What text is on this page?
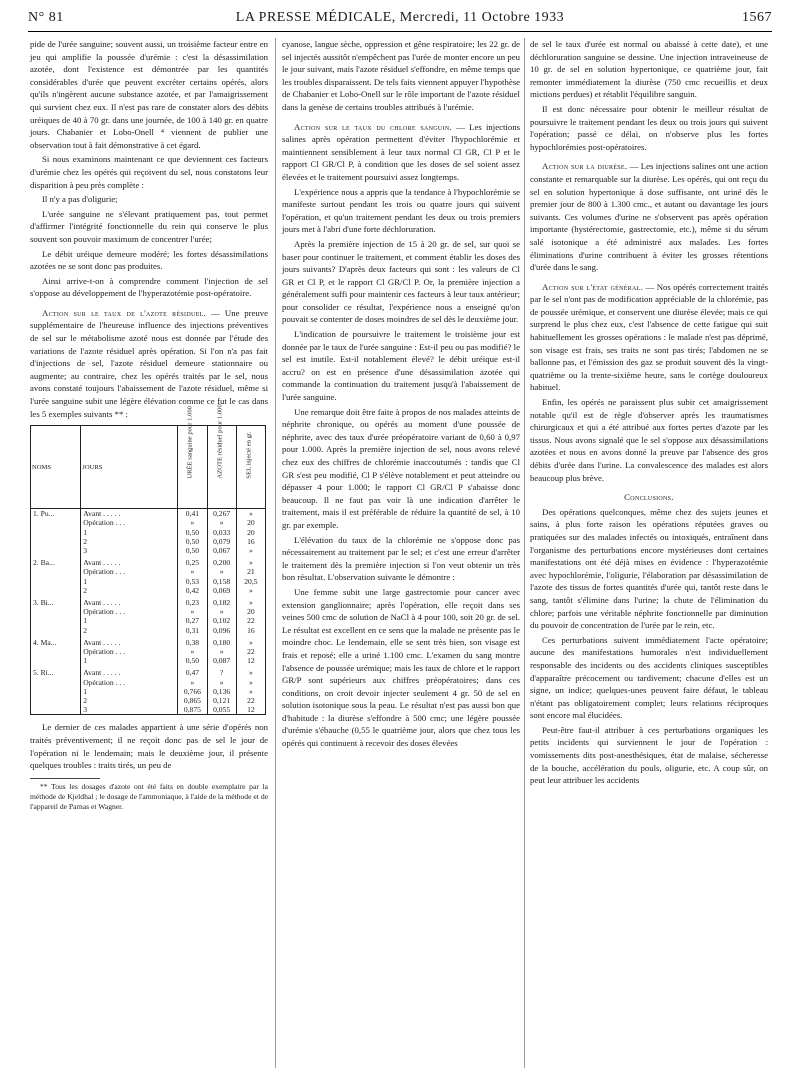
N° 81	LA PRESSE MÉDICALE, Mercredi, 11 Octobre 1933	1567

pide de l'urée sanguine; souvent aussi, un troisième facteur entre en jeu qui amplifie la poussée d'urémie : c'est la désassimilation azotée, dont l'existence est démontrée par les quantités considérables d'urée que peuvent excréter certains opérés, alors qu'ils n'ingèrent aucune substance azotée, et par l'amaigrissement qui survient chez eux. Il n'est pas rare de constater alors des débits uréiques de 40 à 70 gr. dans une journée, de 100 à 140 gr. en quatre jours. Chabanier et Lobo-Onell ⁴ viennent de publier une observation tout à fait démonstrative à cet égard.

Si nous examinons maintenant ce que deviennent ces facteurs d'urémie chez les opérés qui reçoivent du sel, nous constatons leur disparition à peu près complète :

Il n'y a pas d'oligurie;

L'urée sanguine ne s'élevant pratiquement pas, tout permet d'affirmer l'intégrité fonctionnelle du rein qui conserve le plus souvent son pouvoir maximum de concentrer l'urée;

Le débit uréique demeure modéré; les fortes désassimilations azotées ne se sont donc pas produites.

Ainsi arrive-t-on à comprendre comment l'injection de sel s'oppose au développement de l'hyperazotémie post-opératoire.

Action sur le taux de l'azote résiduel. — Une preuve supplémentaire de l'heureuse influence des injections préventives de sel sur le métabolisme azoté nous est donnée par l'étude des variations de l'azote résiduel après opération. Si l'on n'a pas fait d'injections de sel, l'azote résiduel demeure stationnaire ou augmente; au contraire, chez les opérés traités par le sel, nous avons constaté toujours l'abaissement de l'azote résiduel, même si l'urée sanguine subit une légère élévation comme ce fut le cas dans les 5 exemples suivants ** :

NOMS	JOURS	URÉE sanguine pour 1.000	AZOTE résiduel pour 1.000	SEL injecté en gr.

1. Pu...	Avant . . . . .	0,41	0,267	»
	Opération . . .	»	»	20
	1	0,50	0,033	20
	2	0,50	0,079	16
	3	0,50	0,067	»
2. Ba...	Avant . . . . .	0,25	0,200	»
	Opération . . .	»	»	21
	1	0,53	0,158	20,5
	2	0,42	0,069	»
3. Bi...	Avant . . . . .	0,23	0,182	»
	Opération . . .	»	»	20
	1	0,27	0,102	22
	2	0,31	0,096	16
4. Ma...	Avant . . . . .	0,38	0,180	»
	Opération . . .	»	»	22
	1	0,50	0,087	12
5. Ri...	Avant . . . . .	0,47	?	»
	Opération . . .	»	»	»
	1	0,766	0,136	»
	2	0,865	0,121	22
	3	0,875	0,055	12

Le dernier de ces malades appartient à une série d'opérés non traités préventivement; il ne reçoit donc pas de sel le jour de l'opération ni le lendemain; mais le deuxième jour, il présente quelques troubles : traits tirés, un peu de

** Tous les dosages d'azote ont été faits en double exemplaire par la méthode de Kjeldhal ; le dosage de l'ammoniaque, à l'aide de la méthode et de l'appareil de Parnas et Wagner.

cyanose, langue sèche, oppression et gêne respiratoire; les 22 gr. de sel injectés aussitôt n'empêchent pas l'urée de monter encore un peu le jour suivant, mais l'azote résiduel s'effondre, en même temps que les troubles disparaissent. De tels faits viennent appuyer l'hypothèse de Chabanier et Lobo-Onell sur le rôle important de l'azote résiduel dans la genèse de certains troubles attribués à l'urémie.

Action sur le taux du chlore sanguin. — Les injections salines après opération permettent d'éviter l'hypochlorémie et maintiennent sensiblement à leur taux normal Cl GR, Cl P et le rapport Cl GR/Cl P, à condition que les doses de sel soient assez élevées et le traitement poursuivi assez longtemps.

L'expérience nous a appris que la tendance à l'hypochlorémie se manifeste surtout pendant les trois ou quatre jours qui suivent l'opération, et qu'un traitement pendant les deux ou trois premiers jours met à l'abri d'une forte déchloruration.

Après la première injection de 15 à 20 gr. de sel, sur quoi se baser pour continuer le traitement, et comment établir les doses des jours suivants? D'après deux facteurs qui sont : les valeurs de Cl GR et Cl P, et le rapport Cl GR/Cl P. Or, la première injection a généralement suffi pour maintenir ces facteurs à leur taux antérieur; pour consolider ce résultat, l'expérience nous a enseigné qu'on pouvait se contenter de doses moindres de sel dès le deuxième jour.

L'indication de poursuivre le traitement le troisième jour est donnée par le taux de l'urée sanguine : Est-il peu ou pas modifié? le sel est inutile. Est-il notablement élevé? le débit uréique est-il accru? on est en présence d'une désassimilation azotée qui commande la continuation du traitement jusqu'à l'abaissement de l'urée sanguine.

Une remarque doit être faite à propos de nos malades atteints de néphrite chronique, ou opérés au moment d'une poussée de néphrite, avec des taux d'urée préopératoire variant de 0,60 à 0,97 pour 1.000. Après la première injection de sel, nous avons relevé chez eux des chiffres de chlorémie inaccoutumés : tandis que Cl GR s'est peu modifié, Cl P s'élève notablement et peut atteindre ou dépasser 4 pour 1.000; le rapport Cl GR/Cl P s'abaisse donc beaucoup. Il ne faut pas voir là une indication d'arrêter le traitement, mais il est préférable de réduire la quantité de sel, à 10 gr. par exemple.

L'élévation du taux de la chlorémie ne s'oppose donc pas nécessairement au traitement par le sel; et c'est une erreur d'arrêter le traitement dès la première injection si l'on veut obtenir un très bon résultat. L'observation suivante le démontre :

Une femme subit une large gastrectomie pour cancer avec extension ganglionnaire; après l'opération, elle reçoit dans ses veines 500 cmc de solution de NaCl à 4 pour 100, soit 20 gr. de sel. Le résultat est excellent en ce sens que la malade ne présente pas le moindre choc. Le lendemain, elle se sent très bien, son visage est frais et reposé; elle a uriné 1.100 cmc. L'examen du sang montre l'absence de poussée urémique; mais les taux de chlore et le rapport GR/P sont supérieurs aux chiffres préopératoires; dans ces conditions, on croit devoir injecter seulement 4 gr. 50 de sel en solution isotonique sous la peau. Le résultat n'est pas aussi bon que d'habitude : la diurèse s'effondre à 500 cmc; une légère poussée d'urémie s'ébauche (0,55 le quatrième jour, alors que chez tous les opérés qui continuent à recevoir des doses élevées

de sel le taux d'urée est normal ou abaissé à cette date), et une déchloruration sanguine se dessine. Une injection intraveineuse de 10 gr. de sel en solution hypertonique, ce quatrième jour, fait remonter immédiatement la diurèse (750 cmc recueillis et deux mictions perdues) et rétablit l'équilibre sanguin.

Il est donc nécessaire pour obtenir le meilleur résultat de poursuivre le traitement pendant les deux ou trois jours qui suivent l'opération; passé ce délai, on n'observe plus les fortes hypochlorémies post-opératoires.

Action sur la diurèse. — Les injections salines ont une action constante et remarquable sur la diurèse. Les opérés, qui ont reçu du sel en solution hypertonique à dose suffisante, ont uriné dès le premier jour de 800 à 1.300 cmc., et autant ou davantage les jours suivants. Ces volumes d'urine ne s'observent pas après opération importante (hystérectomie, gastrectomie, etc.), même si du sérum salé isotonique a été administré aux malades. Les fortes éliminations d'urine contribuent à éviter les grosses rétentions d'urée dans le sang.

Action sur l'état général. — Nos opérés correctement traités par le sel n'ont pas de modification appréciable de la chlorémie, pas de poussée urémique, et conservent une diurèse élevée; mais ce qui surprend le plus chez eux, c'est l'absence de cette fatigue qui suit habituellement les grosses opérations : le malade n'est pas déprimé, son visage est frais, ses traits ne sont pas tirés; l'abdomen ne se ballonne pas, et l'émission des gaz se produit souvent dès la vingt-quatrième ou la trente-sixième heure, sans le cortège douloureux habituel.

Enfin, les opérés ne paraissent plus subir cet amaigrissement notable qu'il est de règle d'observer après les traumatismes chirurgicaux et qui a été attribué aux fortes pertes d'azote par les tissus. Nous avons signalé que le sel s'oppose aux désassimilations azotées et nous en avons donné la preuve par l'absence des gros débits d'urée dans l'urine. La convalescence des malades est alors beaucoup plus brève.

Conclusions.

Des opérations quelconques, même chez des sujets jeunes et sains, à plus forte raison les opérations réputées graves ou pratiquées sur des malades infectés ou intoxiqués, entraînent dans l'organisme des perturbations encore mystérieuses dont certaines manifestations ont été déjà mises en évidence : l'hyperazotémie avec hypochlorémie, l'oligurie, l'élaboration par désassimilation de l'azote des tissus de fortes quantités d'urée qui, tantôt reste dans le sang, tantôt s'élimine dans l'urine; la chute de l'élimination du chlore; parfois une véritable néphrite fonctionnelle par diminution du pouvoir de concentration de l'urée par le rein, etc.

Ces perturbations suivent immédiatement l'acte opératoire; aucune des manifestations humorales n'est individuellement responsable des incidents ou des accidents cliniques susceptibles d'apparaître précocement ou tardivement; chacune d'elles est un signe, un indice; quelques-unes peuvent faire défaut, le tableau n'étant pas obligatoirement complet; leurs relations réciproques sont encore mal élucidées.

Peut-être faut-il attribuer à ces perturbations organiques les petits incidents qui surviennent le jour de l'opération : vomissements dits post-anesthésiques, état de malaise, sécheresse de la bouche, accélération du pouls, oligurie, etc. A coup sûr, on peut leur attribuer les accidents
